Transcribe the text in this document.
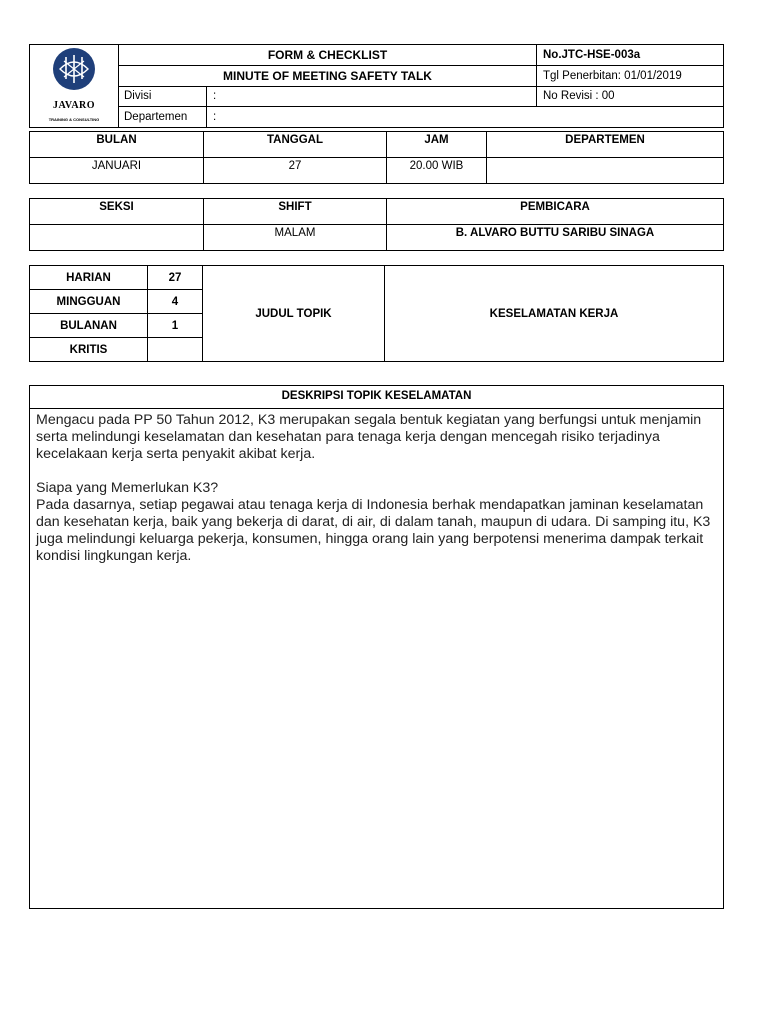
JAVARO
TRAINING & CONSULTING	FORM & CHECKLIST		No.JTC-HSE-003a
	MINUTE OF MEETING SAFETY TALK		Tgl Penerbitan: 01/01/2019
	Divisi	:	No Revisi : 00
	Departemen	:	
BULAN	TANGGAL	JAM	DEPARTEMEN
JANUARI	27	20.00 WIB	
SEKSI	SHIFT	PEMBICARA
	MALAM	B. ALVARO BUTTU SARIBU SINAGA
HARIAN	27	JUDUL TOPIK	KESELAMATAN KERJA
MINGGUAN	4		
BULANAN	1		
KRITIS			
DESKRIPSI TOPIK KESELAMATAN

Mengacu pada PP 50 Tahun 2012, K3 merupakan segala bentuk kegiatan yang berfungsi untuk menjamin serta melindungi keselamatan dan kesehatan para tenaga kerja dengan mencegah risiko terjadinya kecelakaan kerja serta penyakit akibat kerja.

Siapa yang Memerlukan K3?

Pada dasarnya, setiap pegawai atau tenaga kerja di Indonesia berhak mendapatkan jaminan keselamatan dan kesehatan kerja, baik yang bekerja di darat, di air, di dalam tanah, maupun di udara. Di samping itu, K3 juga melindungi keluarga pekerja, konsumen, hingga orang lain yang berpotensi menerima dampak terkait kondisi lingkungan kerja.
